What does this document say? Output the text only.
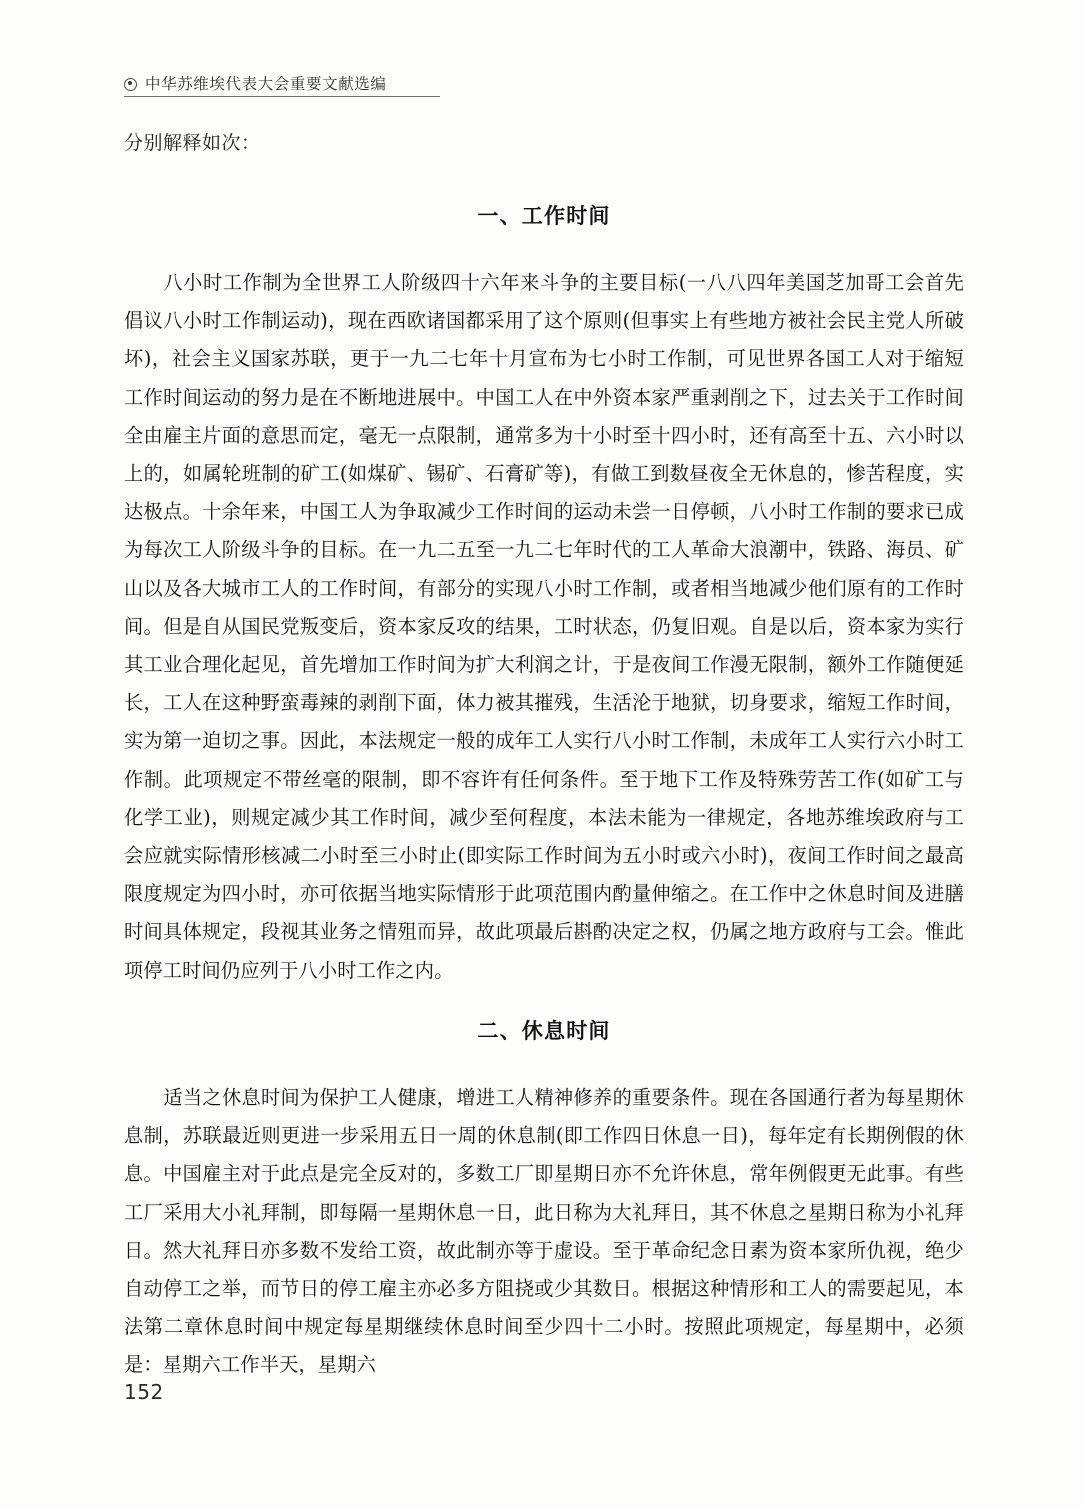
中华苏维埃代表大会重要文献选编
分别解释如次：
一、工作时间

八小时工作制为全世界工人阶级四十六年来斗争的主要目标(一八八四年美国芝加哥工会首先倡议八小时工作制运动)，现在西欧诸国都采用了这个原则(但事实上有些地方被社会民主党人所破坏)，社会主义国家苏联，更于一九二七年十月宣布为七小时工作制，可见世界各国工人对于缩短工作时间运动的努力是在不断地进展中。中国工人在中外资本家严重剥削之下，过去关于工作时间全由雇主片面的意思而定，毫无一点限制，通常多为十小时至十四小时，还有高至十五、六小时以上的，如属轮班制的矿工(如煤矿、锡矿、石膏矿等)，有做工到数昼夜全无休息的，惨苦程度，实达极点。十余年来，中国工人为争取减少工作时间的运动未尝一日停顿，八小时工作制的要求已成为每次工人阶级斗争的目标。在一九二五至一九二七年时代的工人革命大浪潮中，铁路、海员、矿山以及各大城市工人的工作时间，有部分的实现八小时工作制，或者相当地减少他们原有的工作时间。但是自从国民党叛变后，资本家反攻的结果，工时状态，仍复旧观。自是以后，资本家为实行其工业合理化起见，首先增加工作时间为扩大利润之计，于是夜间工作漫无限制，额外工作随便延长，工人在这种野蛮毒辣的剥削下面，体力被其摧残，生活沦于地狱，切身要求，缩短工作时间，实为第一迫切之事。因此，本法规定一般的成年工人实行八小时工作制，未成年工人实行六小时工作制。此项规定不带丝毫的限制，即不容许有任何条件。至于地下工作及特殊劳苦工作(如矿工与化学工业)，则规定减少其工作时间，减少至何程度，本法未能为一律规定，各地苏维埃政府与工会应就实际情形核减二小时至三小时止(即实际工作时间为五小时或六小时)，夜间工作时间之最高限度规定为四小时，亦可依据当地实际情形于此项范围内酌量伸缩之。在工作中之休息时间及进膳时间具体规定，段视其业务之情殂而异，故此项最后斟酌决定之权，仍属之地方政府与工会。惟此项停工时间仍应列于八小时工作之内。

二、休息时间

适当之休息时间为保护工人健康，增进工人精神修养的重要条件。现在各国通行者为每星期休息制，苏联最近则更进一步采用五日一周的休息制(即工作四日休息一日)，每年定有长期例假的休息。中国雇主对于此点是完全反对的，多数工厂即星期日亦不允许休息，常年例假更无此事。有些工厂采用大小礼拜制，即每隔一星期休息一日，此日称为大礼拜日，其不休息之星期日称为小礼拜日。然大礼拜日亦多数不发给工资，故此制亦等于虚设。至于革命纪念日素为资本家所仇视，绝少自动停工之举，而节日的停工雇主亦必多方阻挠或少其数日。根据这种情形和工人的需要起见，本法第二章休息时间中规定每星期继续休息时间至少四十二小时。按照此项规定，每星期中，必须是：星期六工作半天，星期六

152
